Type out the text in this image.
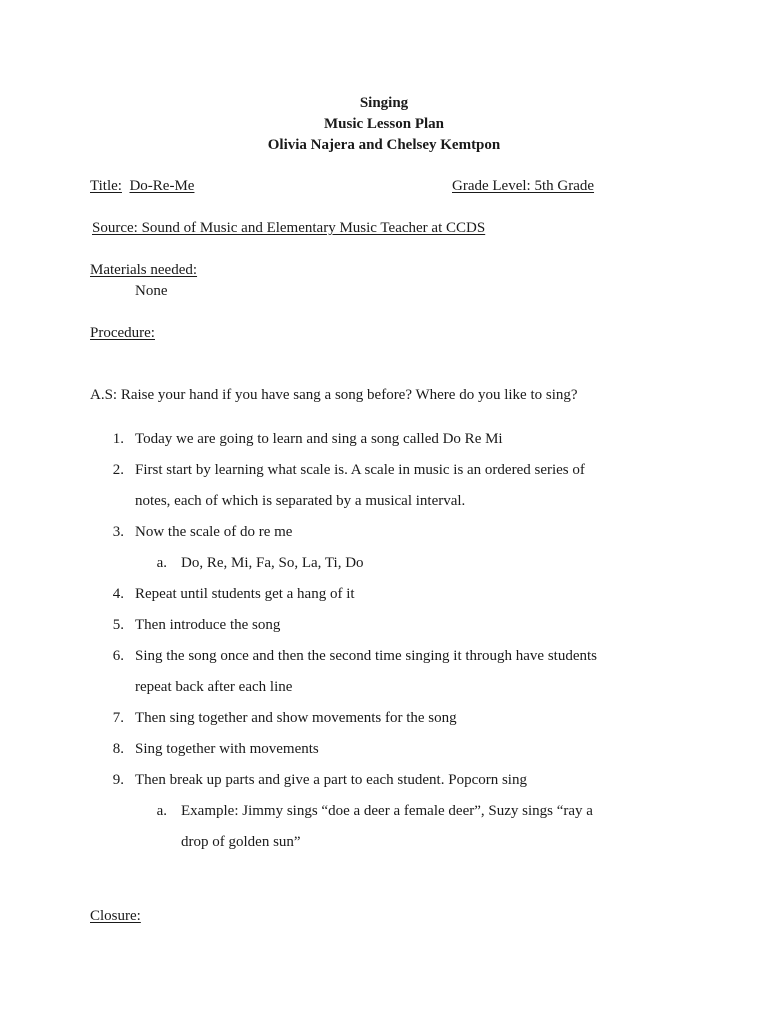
Singing
Music Lesson Plan
Olivia Najera and Chelsey Kemtpon
Title: Do-Re-Me	Grade Level: 5th Grade
Source: Sound of Music and Elementary Music Teacher at CCDS
Materials needed:
None
Procedure:
A.S: Raise your hand if you have sang a song before? Where do you like to sing?
1. Today we are going to learn and sing a song called Do Re Mi
2. First start by learning what scale is. A scale in music is an ordered series of
notes, each of which is separated by a musical interval.
3. Now the scale of do re me
a. Do, Re, Mi, Fa, So, La, Ti, Do
4. Repeat until students get a hang of it
5. Then introduce the song
6. Sing the song once and then the second time singing it through have students
repeat back after each line
7. Then sing together and show movements for the song
8. Sing together with movements
9. Then break up parts and give a part to each student. Popcorn sing
a. Example: Jimmy sings “doe a deer a female deer”, Suzy sings “ray a
drop of golden sun”
Closure:
